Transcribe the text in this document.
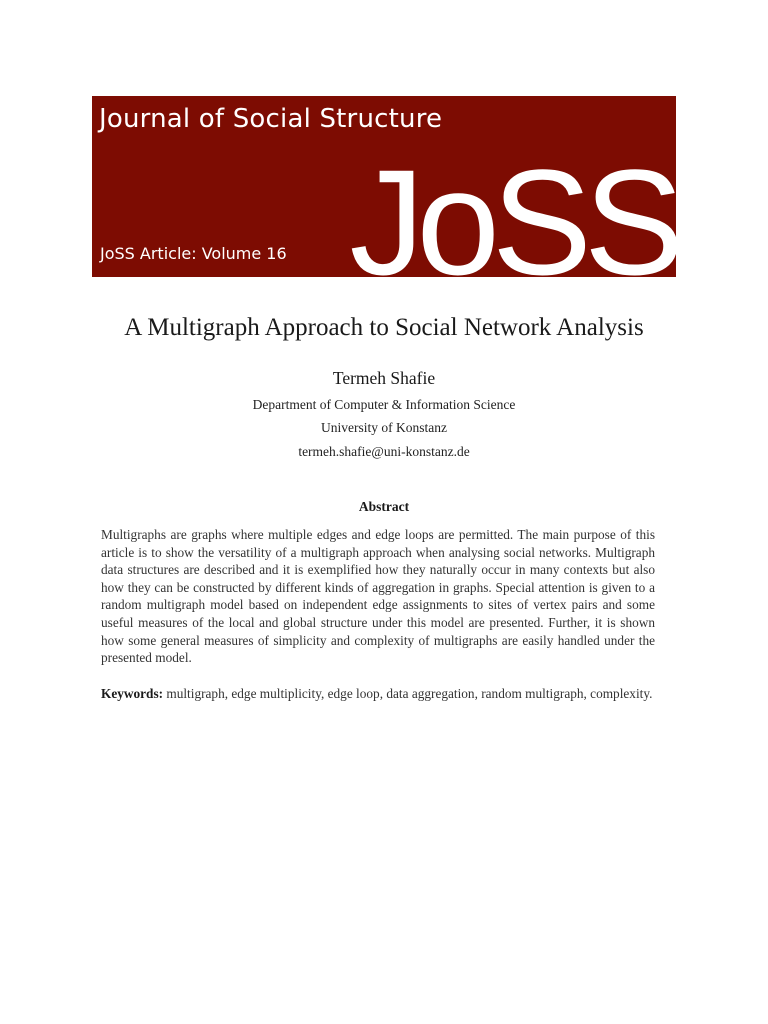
Journal of Social Structure
JoSS Article: Volume 16 JoSS
A Multigraph Approach to Social Network Analysis
Termeh Shafie
Department of Computer & Information Science
University of Konstanz
termeh.shafie@uni-konstanz.de
Abstract
Multigraphs are graphs where multiple edges and edge loops are permitted. The main purpose of this article is to show the versatility of a multigraph approach when analysing social networks. Multigraph data structures are described and it is exemplified how they naturally occur in many contexts but also how they can be constructed by different kinds of aggregation in graphs. Special attention is given to a random multigraph model based on independent edge assignments to sites of vertex pairs and some useful measures of the local and global structure under this model are presented. Further, it is shown how some general measures of simplicity and complexity of multigraphs are easily handled under the presented model.
Keywords: multigraph, edge multiplicity, edge loop, data aggregation, random multigraph, complexity.
